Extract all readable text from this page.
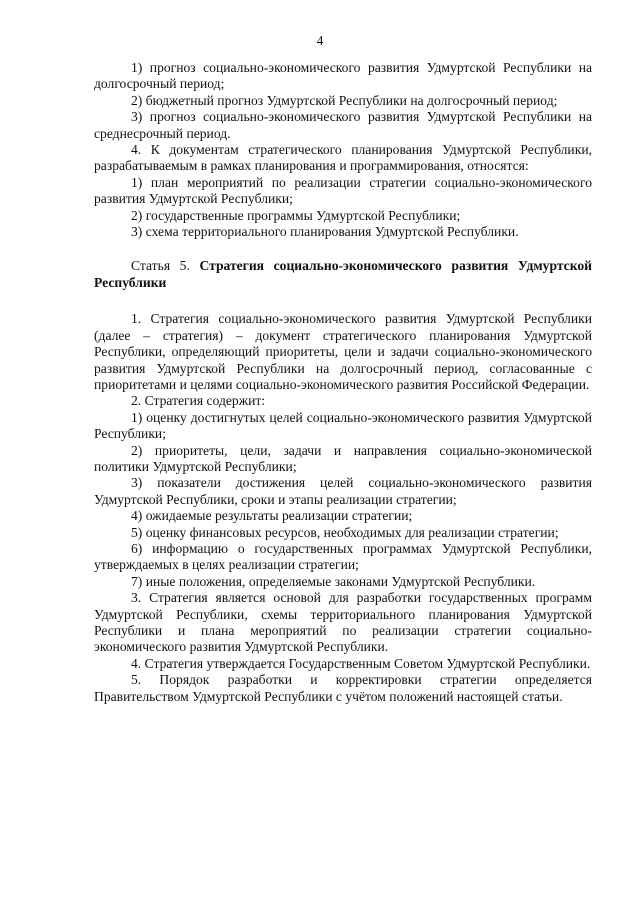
4

1) прогноз социально-экономического развития Удмуртской Республики на долгосрочный период;

2) бюджетный прогноз Удмуртской Республики на долгосрочный период;

3) прогноз социально-экономического развития Удмуртской Республики на среднесрочный период.

4. К документам стратегического планирования Удмуртской Республики, разрабатываемым в рамках планирования и программирования, относятся:

1) план мероприятий по реализации стратегии социально-экономического развития Удмуртской Республики;

2) государственные программы Удмуртской Республики;

3) схема территориального планирования Удмуртской Республики.

Статья 5. Стратегия социально-экономического развития Удмуртской Республики

1. Стратегия социально-экономического развития Удмуртской Республики (далее – стратегия) – документ стратегического планирования Удмуртской Республики, определяющий приоритеты, цели и задачи социально-экономического развития Удмуртской Республики на долгосрочный период, согласованные с приоритетами и целями социально-экономического развития Российской Федерации.

2. Стратегия содержит:

1) оценку достигнутых целей социально-экономического развития Удмуртской Республики;

2) приоритеты, цели, задачи и направления социально-экономической политики Удмуртской Республики;

3) показатели достижения целей социально-экономического развития Удмуртской Республики, сроки и этапы реализации стратегии;

4) ожидаемые результаты реализации стратегии;

5) оценку финансовых ресурсов, необходимых для реализации стратегии;

6) информацию о государственных программах Удмуртской Республики, утверждаемых в целях реализации стратегии;

7) иные положения, определяемые законами Удмуртской Республики.

3. Стратегия является основой для разработки государственных программ Удмуртской Республики, схемы территориального планирования Удмуртской Республики и плана мероприятий по реализации стратегии социально-экономического развития Удмуртской Республики.

4. Стратегия утверждается Государственным Советом Удмуртской Республики.

5. Порядок разработки и корректировки стратегии определяется Правительством Удмуртской Республики с учётом положений настоящей статьи.
